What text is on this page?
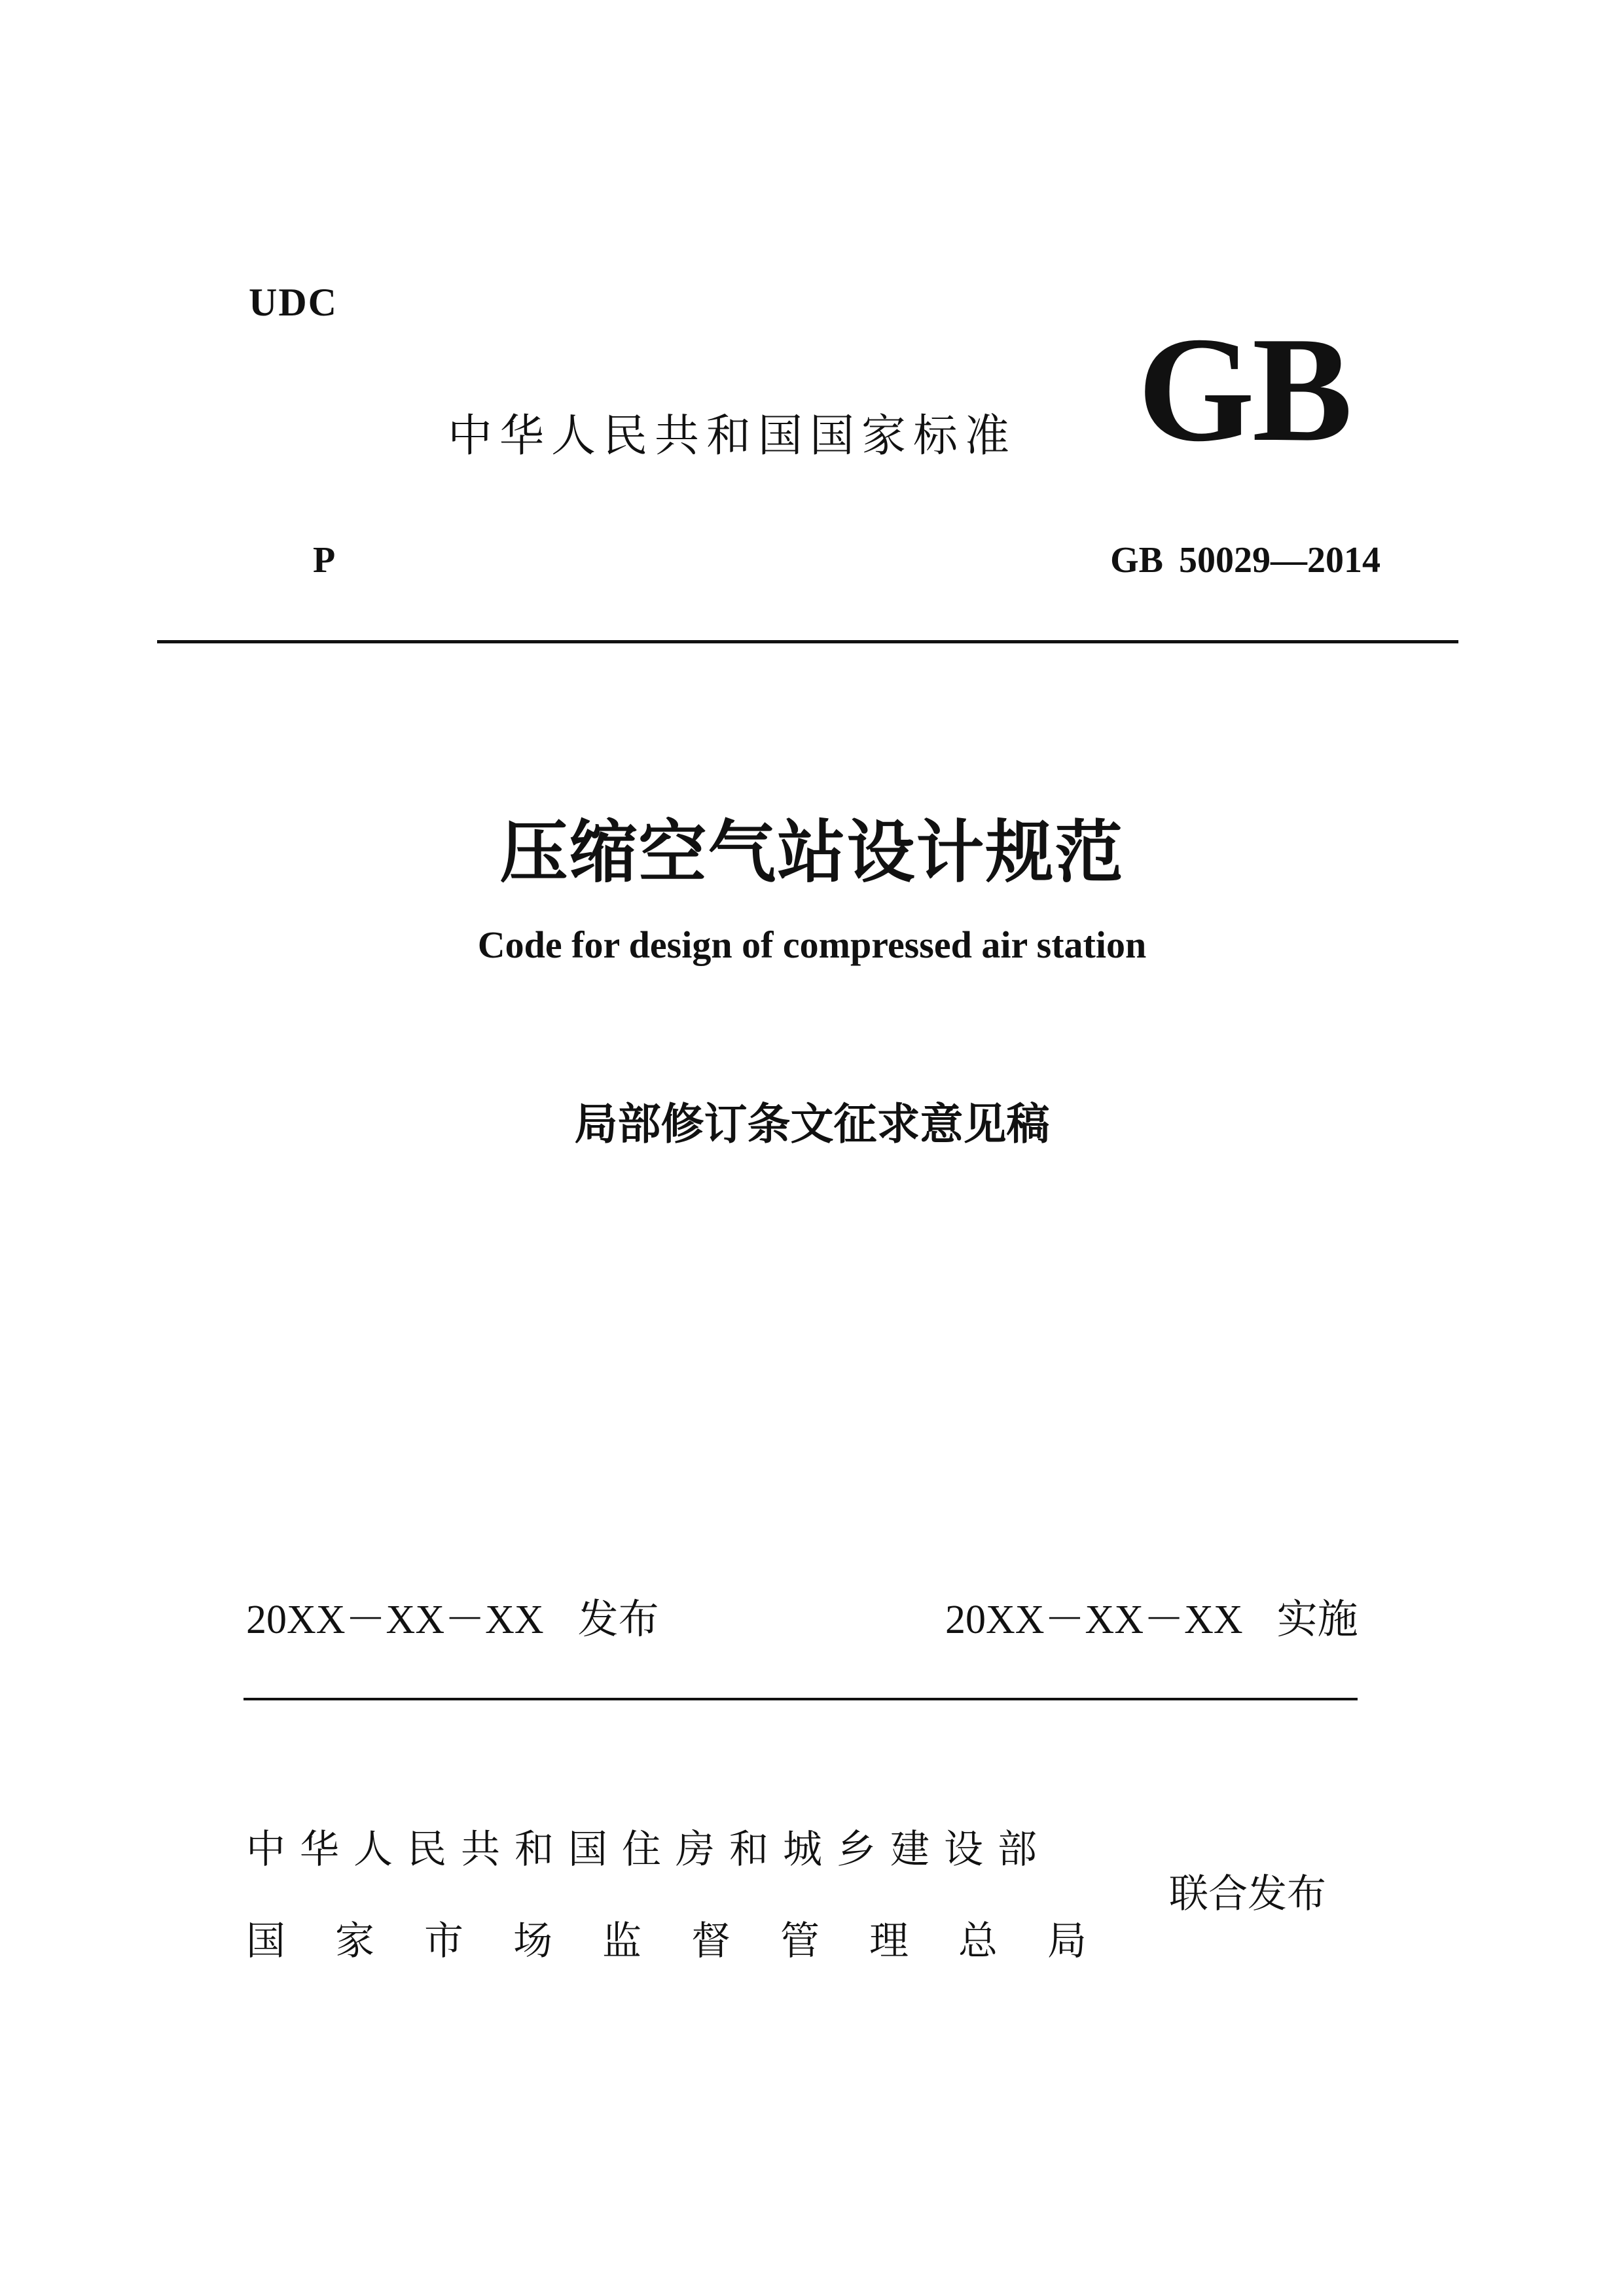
UDC
中华人民共和国国家标准 GB
P	GB 50029—2014
压缩空气站设计规范
Code for design of compressed air station
局部修订条文征求意见稿
20XX－XX－XX 发布	20XX－XX－XX 实施
中华人民共和国住房和城乡建设部
国家市场监督管理总局
联合发布
